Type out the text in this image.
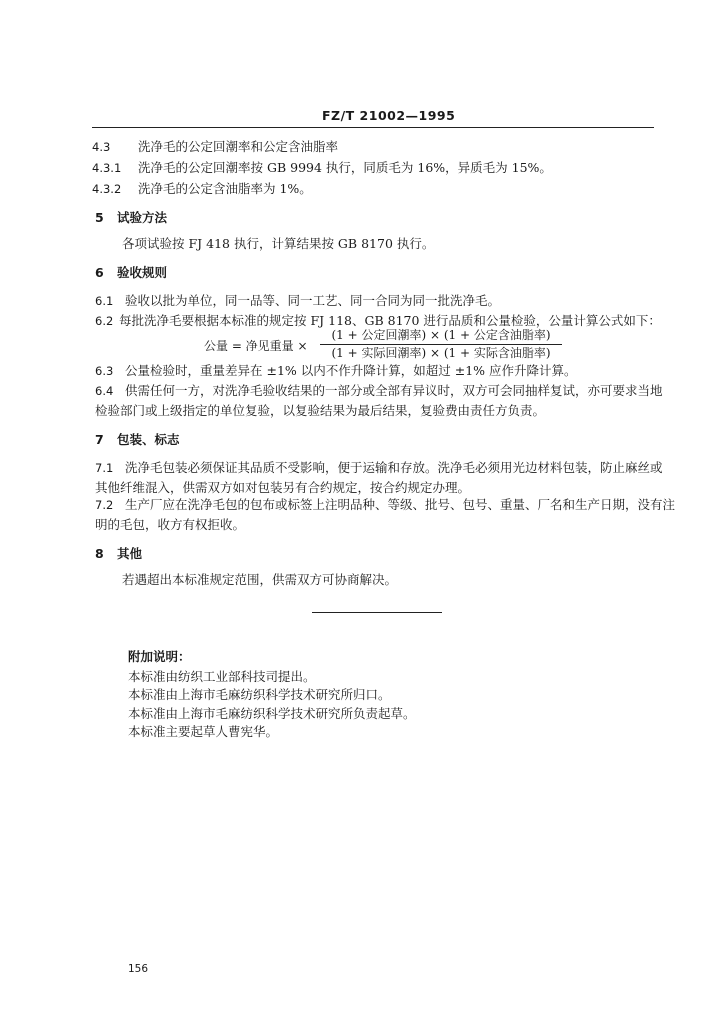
FZ/T 21002—1995
4.3 洗净毛的公定回潮率和公定含油脂率
4.3.1 洗净毛的公定回潮率按 GB 9994 执行，同质毛为 16%，异质毛为 15%。
4.3.2 洗净毛的公定含油脂率为 1%。
5 试验方法
各项试验按 FJ 418 执行，计算结果按 GB 8170 执行。
6 验收规则
6.1 验收以批为单位，同一品等、同一工艺、同一合同为同一批洗净毛。
6.2 每批洗净毛要根据本标准的规定按 FJ 118、GB 8170 进行品质和公量检验，公量计算公式如下：
公量 = 净见重量 ×
(1 + 公定回潮率) × (1 + 公定含油脂率)
(1 + 实际回潮率) × (1 + 实际含油脂率)
6.3 公量检验时，重量差异在 ±1% 以内不作升降计算，如超过 ±1% 应作升降计算。
6.4 供需任何一方，对洗净毛验收结果的一部分或全部有异议时，双方可会同抽样复试，亦可要求当地
检验部门或上级指定的单位复验，以复验结果为最后结果，复验费由责任方负责。
7 包装、标志
7.1 洗净毛包装必须保证其品质不受影响，便于运输和存放。洗净毛必须用光边材料包装，防止麻丝或
其他纤维混入，供需双方如对包装另有合约规定，按合约规定办理。
7.2 生产厂应在洗净毛包的包布或标签上注明品种、等级、批号、包号、重量、厂名和生产日期，没有注
明的毛包，收方有权拒收。
8 其他
若遇超出本标准规定范围，供需双方可协商解决。
附加说明：
本标准由纺织工业部科技司提出。
本标准由上海市毛麻纺织科学技术研究所归口。
本标准由上海市毛麻纺织科学技术研究所负责起草。
本标准主要起草人曹宪华。
156
